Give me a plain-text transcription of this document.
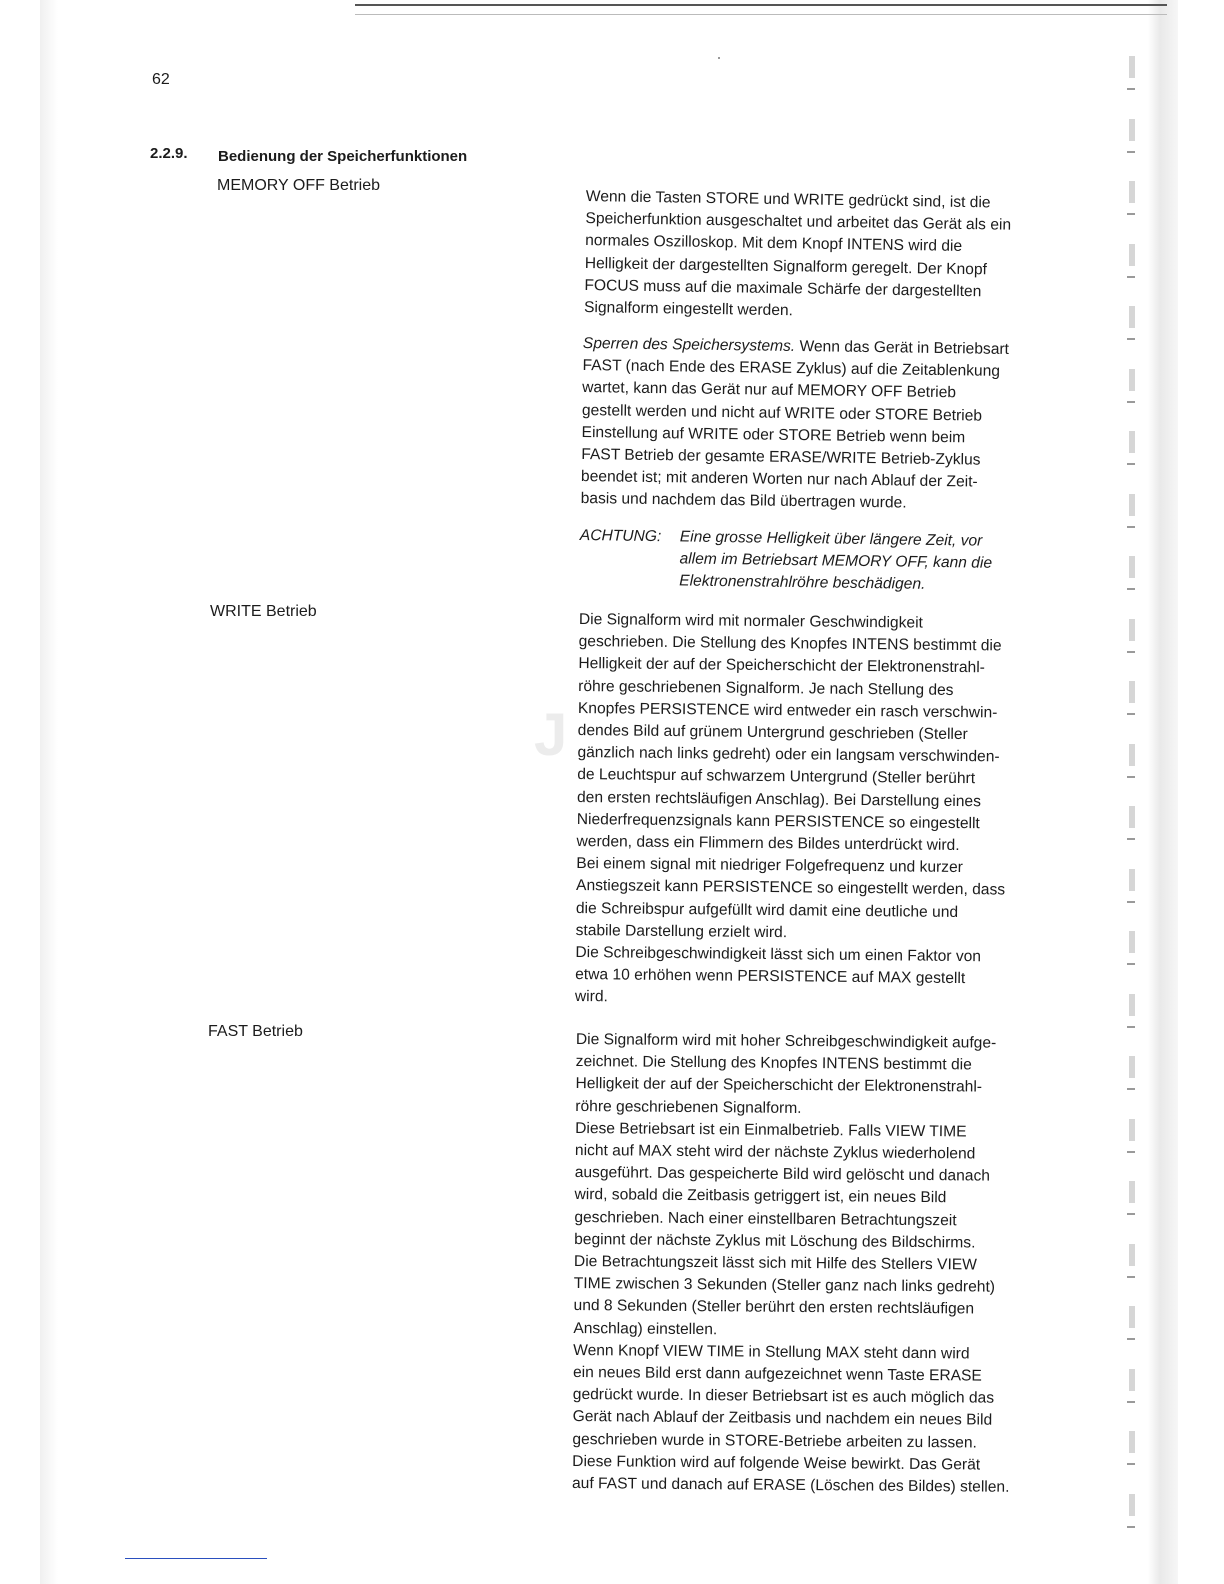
J
62
2.2.9. Bedienung der Speicherfunktionen
MEMORY OFF Betrieb
WRITE Betrieb
FAST Betrieb

Wenn die Tasten STORE und WRITE gedrückt sind, ist die
Speicherfunktion ausgeschaltet und arbeitet das Gerät als ein
normales Oszilloskop. Mit dem Knopf INTENS wird die
Helligkeit der dargestellten Signalform geregelt. Der Knopf
FOCUS muss auf die maximale Schärfe der dargestellten
Signalform eingestellt werden.

Sperren des Speichersystems. Wenn das Gerät in Betriebsart
FAST (nach Ende des ERASE Zyklus) auf die Zeitablenkung
wartet, kann das Gerät nur auf MEMORY OFF Betrieb
gestellt werden und nicht auf WRITE oder STORE Betrieb
Einstellung auf WRITE oder STORE Betrieb wenn beim
FAST Betrieb der gesamte ERASE/WRITE Betrieb-Zyklus
beendet ist; mit anderen Worten nur nach Ablauf der Zeit-
basis und nachdem das Bild übertragen wurde.

ACHTUNG: Eine grosse Helligkeit über längere Zeit, vor
allem im Betriebsart MEMORY OFF, kann die
Elektronenstrahlröhre beschädigen.

Die Signalform wird mit normaler Geschwindigkeit
geschrieben. Die Stellung des Knopfes INTENS bestimmt die
Helligkeit der auf der Speicherschicht der Elektronenstrahl-
röhre geschriebenen Signalform. Je nach Stellung des
Knopfes PERSISTENCE wird entweder ein rasch verschwin-
dendes Bild auf grünem Untergrund geschrieben (Steller
gänzlich nach links gedreht) oder ein langsam verschwinden-
de Leuchtspur auf schwarzem Untergrund (Steller berührt
den ersten rechtsläufigen Anschlag). Bei Darstellung eines
Niederfrequenzsignals kann PERSISTENCE so eingestellt
werden, dass ein Flimmern des Bildes unterdrückt wird.
Bei einem signal mit niedriger Folgefrequenz und kurzer
Anstiegszeit kann PERSISTENCE so eingestellt werden, dass
die Schreibspur aufgefüllt wird damit eine deutliche und
stabile Darstellung erzielt wird.
Die Schreibgeschwindigkeit lässt sich um einen Faktor von
etwa 10 erhöhen wenn PERSISTENCE auf MAX gestellt
wird.

Die Signalform wird mit hoher Schreibgeschwindigkeit aufge-
zeichnet. Die Stellung des Knopfes INTENS bestimmt die
Helligkeit der auf der Speicherschicht der Elektronenstrahl-
röhre geschriebenen Signalform.
Diese Betriebsart ist ein Einmalbetrieb. Falls VIEW TIME
nicht auf MAX steht wird der nächste Zyklus wiederholend
ausgeführt. Das gespeicherte Bild wird gelöscht und danach
wird, sobald die Zeitbasis getriggert ist, ein neues Bild
geschrieben. Nach einer einstellbaren Betrachtungszeit
beginnt der nächste Zyklus mit Löschung des Bildschirms.
Die Betrachtungszeit lässt sich mit Hilfe des Stellers VIEW
TIME zwischen 3 Sekunden (Steller ganz nach links gedreht)
und 8 Sekunden (Steller berührt den ersten rechtsläufigen
Anschlag) einstellen.
Wenn Knopf VIEW TIME in Stellung MAX steht dann wird
ein neues Bild erst dann aufgezeichnet wenn Taste ERASE
gedrückt wurde. In dieser Betriebsart ist es auch möglich das
Gerät nach Ablauf der Zeitbasis und nachdem ein neues Bild
geschrieben wurde in STORE-Betriebe arbeiten zu lassen.
Diese Funktion wird auf folgende Weise bewirkt. Das Gerät
auf FAST und danach auf ERASE (Löschen des Bildes) stellen.
